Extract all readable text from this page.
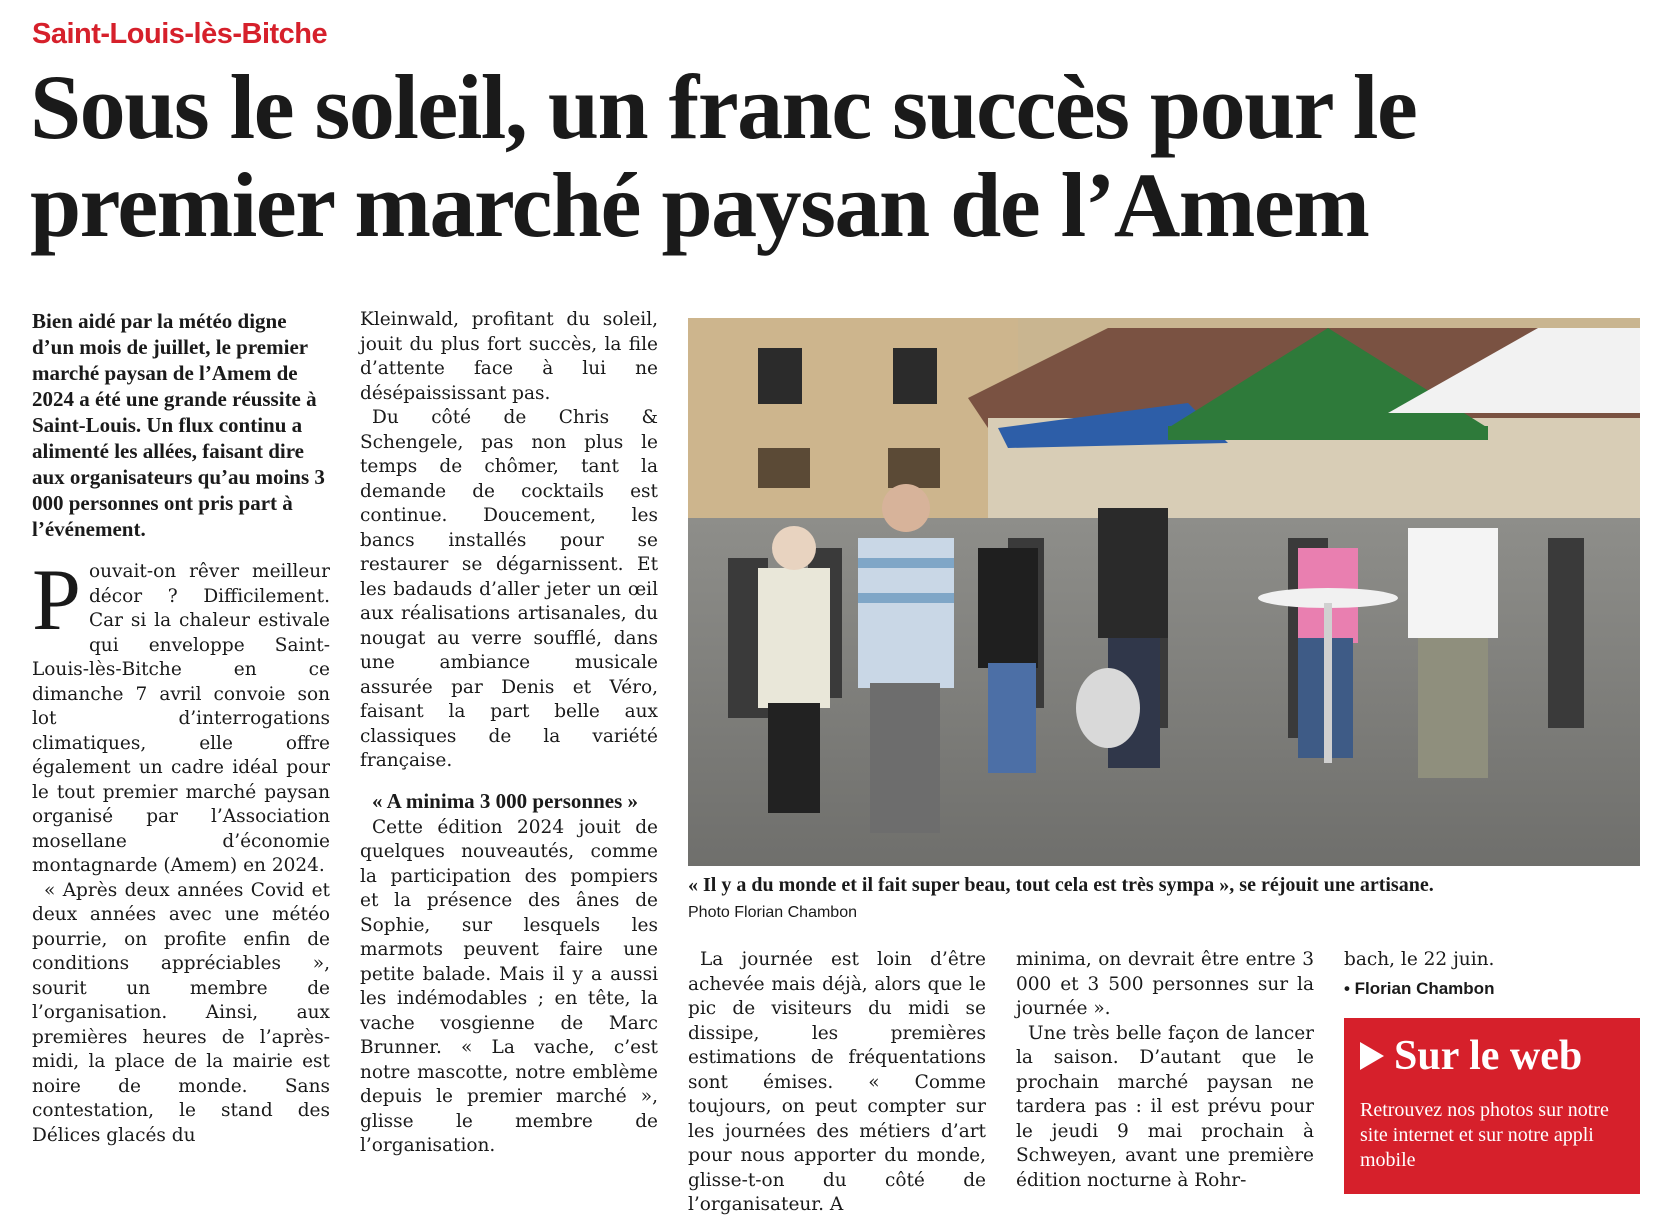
Saint-Louis-lès-Bitche
Sous le soleil, un franc succès pour le premier marché paysan de l’Amem
Bien aidé par la météo digne d’un mois de juillet, le premier marché paysan de l’Amem de 2024 a été une grande réussite à Saint-Louis. Un flux continu a alimenté les allées, faisant dire aux organisateurs qu’au moins 3 000 personnes ont pris part à l’événement.

Pouvait-on rêver meilleur décor ? Difficilement. Car si la chaleur estivale qui enveloppe Saint-Louis-lès-Bitche en ce dimanche 7 avril convoie son lot d’interrogations climatiques, elle offre également un cadre idéal pour le tout premier marché paysan organisé par l’Association mosellane d’économie montagnarde (Amem) en 2024.

« Après deux années Covid et deux années avec une météo pourrie, on profite enfin de conditions appréciables », sourit un membre de l’organisation. Ainsi, aux premières heures de l’après-midi, la place de la mairie est noire de monde. Sans contestation, le stand des Délices glacés du

Kleinwald, profitant du soleil, jouit du plus fort succès, la file d’attente face à lui ne désépaississant pas.

Du côté de Chris & Schengele, pas non plus le temps de chômer, tant la demande de cocktails est continue. Doucement, les bancs installés pour se restaurer se dégarnissent. Et les badauds d’aller jeter un œil aux réalisations artisanales, du nougat au verre soufflé, dans une ambiance musicale assurée par Denis et Véro, faisant la part belle aux classiques de la variété française.

« A minima 3 000 personnes »

Cette édition 2024 jouit de quelques nouveautés, comme la participation des pompiers et la présence des ânes de Sophie, sur lesquels les marmots peuvent faire une petite balade. Mais il y a aussi les indémodables ; en tête, la vache vosgienne de Marc Brunner. « La vache, c’est notre mascotte, notre emblème depuis le premier marché », glisse le membre de l’organisation.

« Il y a du monde et il fait super beau, tout cela est très sympa », se réjouit une artisane. Photo Florian Chambon

La journée est loin d’être achevée mais déjà, alors que le pic de visiteurs du midi se dissipe, les premières estimations de fréquentations sont émises. « Comme toujours, on peut compter sur les journées des métiers d’art pour nous apporter du monde, glisse-t-on du côté de l’organisateur. A

minima, on devrait être entre 3 000 et 3 500 personnes sur la journée ».

Une très belle façon de lancer la saison. D’autant que le prochain marché paysan ne tardera pas : il est prévu pour le jeudi 9 mai prochain à Schweyen, avant une première édition nocturne à Rohr-

bach, le 22 juin.

• Florian Chambon
Sur le web
Retrouvez nos photos sur notre site internet et sur notre appli mobile
